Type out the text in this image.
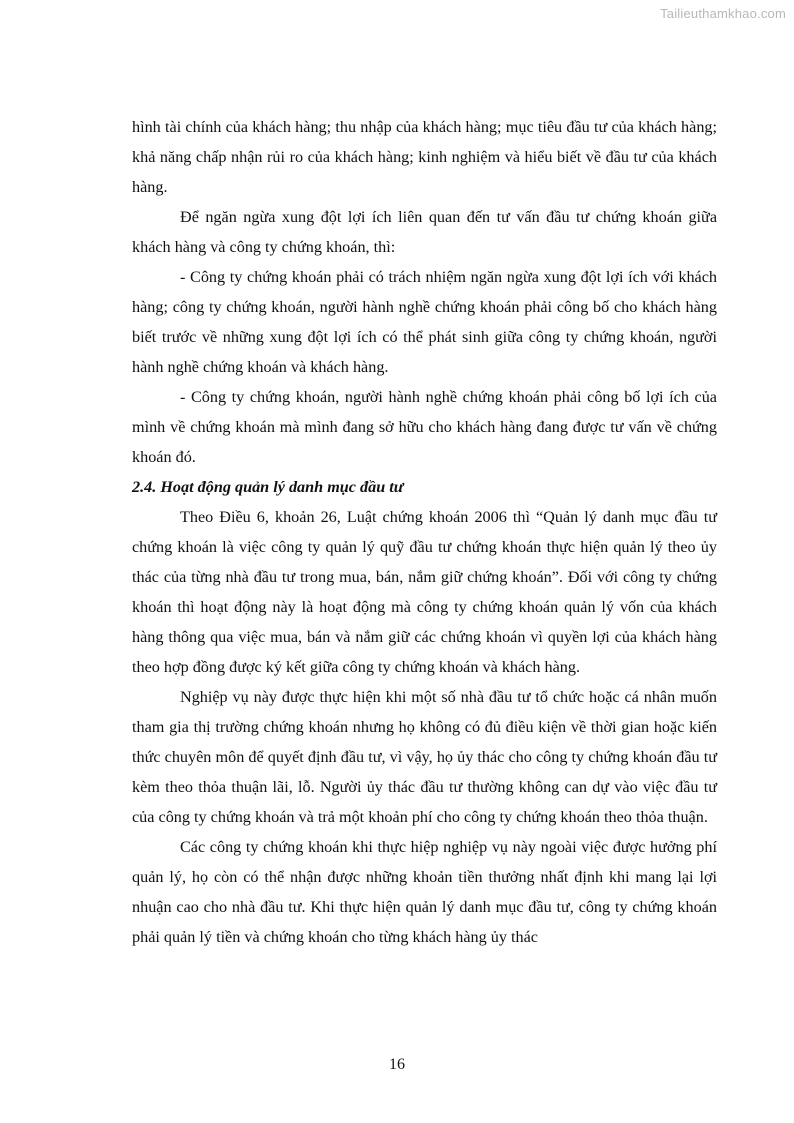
Tailieuthamkhao.com

hình tài chính của khách hàng; thu nhập của khách hàng; mục tiêu đầu tư của khách hàng; khả năng chấp nhận rủi ro của khách hàng; kinh nghiệm và hiểu biết về đầu tư của khách hàng.

Để ngăn ngừa xung đột lợi ích liên quan đến tư vấn đầu tư chứng khoán giữa khách hàng và công ty chứng khoán, thì:

- Công ty chứng khoán phải có trách nhiệm ngăn ngừa xung đột lợi ích với khách hàng; công ty chứng khoán, người hành nghề chứng khoán phải công bố cho khách hàng biết trước về những xung đột lợi ích có thể phát sinh giữa công ty chứng khoán, người hành nghề chứng khoán và khách hàng.

- Công ty chứng khoán, người hành nghề chứng khoán phải công bố lợi ích của mình về chứng khoán mà mình đang sở hữu cho khách hàng đang được tư vấn về chứng khoán đó.

2.4. Hoạt động quản lý danh mục đầu tư

Theo Điều 6, khoản 26, Luật chứng khoán 2006 thì “Quản lý danh mục đầu tư chứng khoán là việc công ty quản lý quỹ đầu tư chứng khoán thực hiện quản lý theo ủy thác của từng nhà đầu tư trong mua, bán, nắm giữ chứng khoán”. Đối với công ty chứng khoán thì hoạt động này là hoạt động mà công ty chứng khoán quản lý vốn của khách hàng thông qua việc mua, bán và nắm giữ các chứng khoán vì quyền lợi của khách hàng theo hợp đồng được ký kết giữa công ty chứng khoán và khách hàng.

Nghiệp vụ này được thực hiện khi một số nhà đầu tư tổ chức hoặc cá nhân muốn tham gia thị trường chứng khoán nhưng họ không có đủ điều kiện về thời gian hoặc kiến thức chuyên môn để quyết định đầu tư, vì vậy, họ ủy thác cho công ty chứng khoán đầu tư kèm theo thỏa thuận lãi, lỗ. Người ủy thác đầu tư thường không can dự vào việc đầu tư của công ty chứng khoán và trả một khoản phí cho công ty chứng khoán theo thỏa thuận.

Các công ty chứng khoán khi thực hiệp nghiệp vụ này ngoài việc được hưởng phí quản lý, họ còn có thể nhận được những khoản tiền thưởng nhất định khi mang lại lợi nhuận cao cho nhà đầu tư. Khi thực hiện quản lý danh mục đầu tư, công ty chứng khoán phải quản lý tiền và chứng khoán cho từng khách hàng ủy thác

16
